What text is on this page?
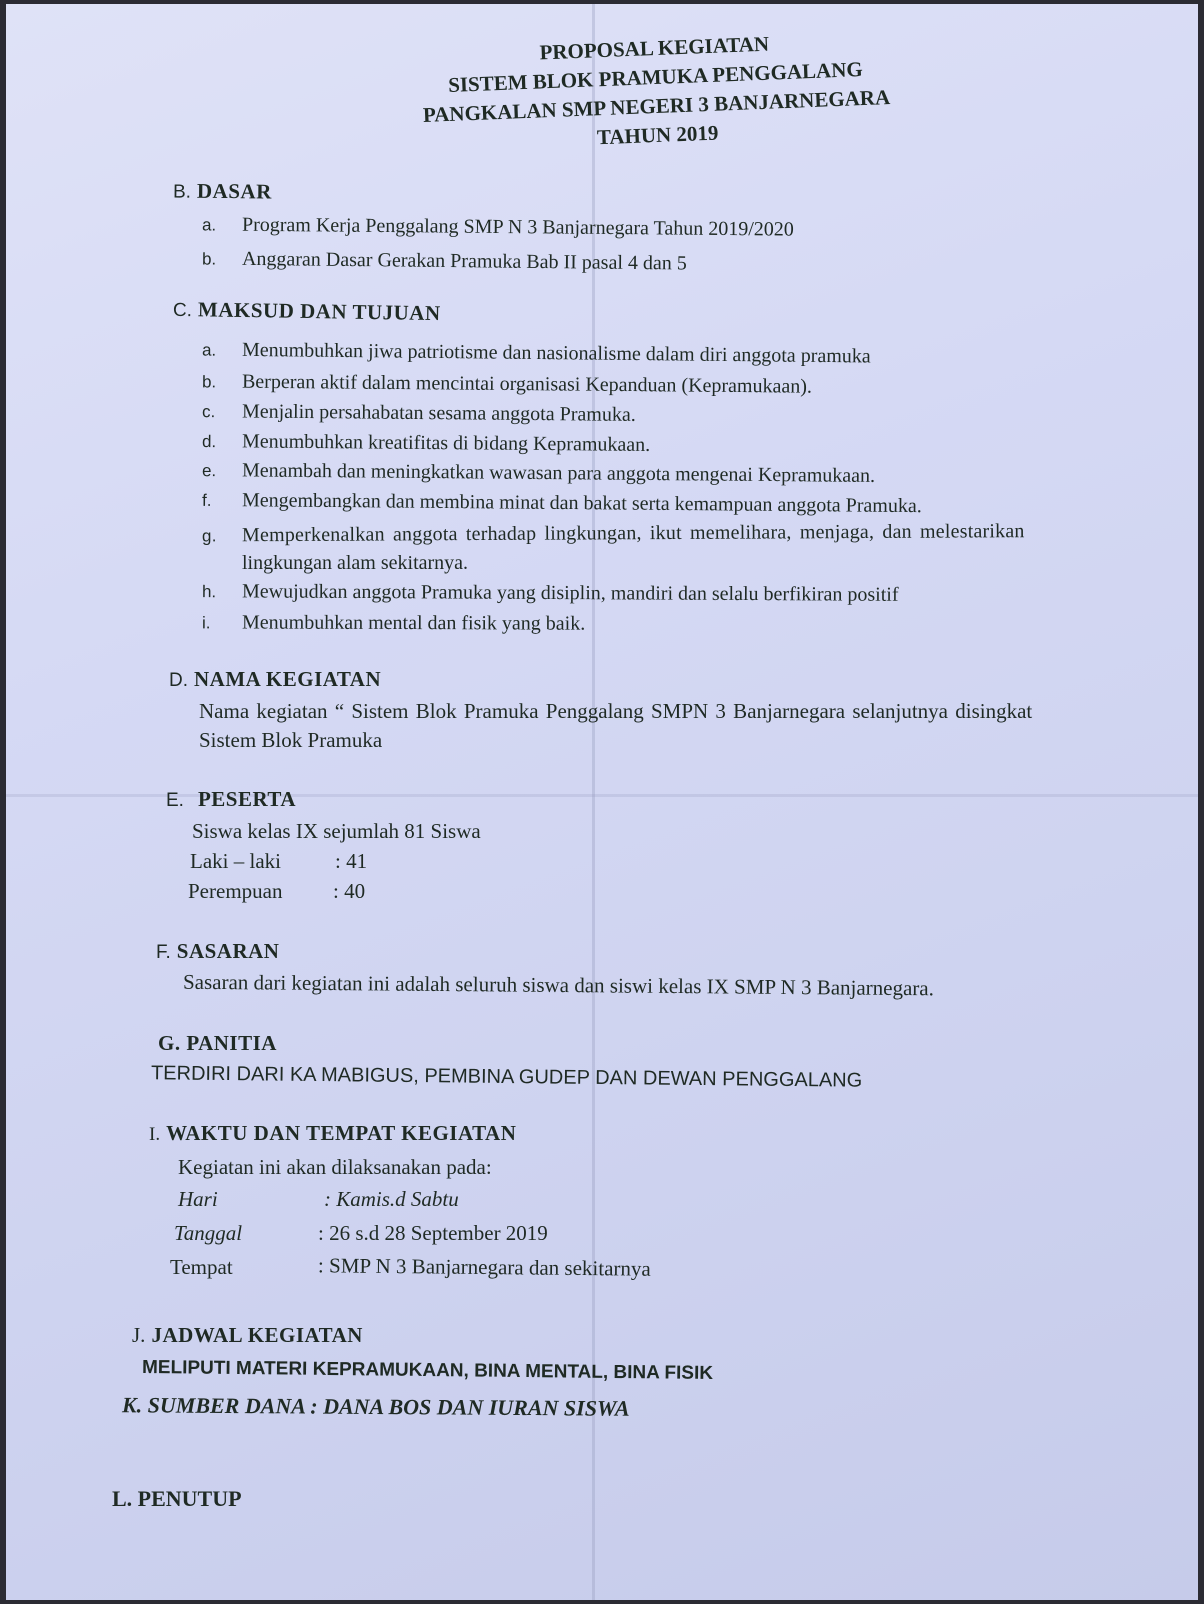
PROPOSAL KEGIATAN
SISTEM BLOK PRAMUKA PENGGALANG
PANGKALAN SMP NEGERI 3 BANJARNEGARA
TAHUN 2019
B. DASAR
a. Program Kerja Penggalang SMP N 3 Banjarnegara Tahun 2019/2020
b. Anggaran Dasar Gerakan Pramuka Bab II pasal 4 dan 5
C. MAKSUD DAN TUJUAN
a. Menumbuhkan jiwa patriotisme dan nasionalisme dalam diri anggota pramuka
b. Berperan aktif dalam mencintai organisasi Kepanduan (Kepramukaan).
c. Menjalin persahabatan sesama anggota Pramuka.
d. Menumbuhkan kreatifitas di bidang Kepramukaan.
e. Menambah dan meningkatkan wawasan para anggota mengenai Kepramukaan.
f. Mengembangkan dan membina minat dan bakat serta kemampuan anggota Pramuka.
g. Memperkenalkan anggota terhadap lingkungan, ikut memelihara, menjaga, dan melestarikan
lingkungan alam sekitarnya.
h. Mewujudkan anggota Pramuka yang disiplin, mandiri dan selalu berfikiran positif
i. Menumbuhkan mental dan fisik yang baik.
D. NAMA KEGIATAN
Nama kegiatan “ Sistem Blok Pramuka Penggalang SMPN 3 Banjarnegara selanjutnya disingkat
Sistem Blok Pramuka
E. PESERTA
Siswa kelas IX sejumlah 81 Siswa
Laki – laki	: 41
Perempuan : 40
F. SASARAN
Sasaran dari kegiatan ini adalah seluruh siswa dan siswi kelas IX SMP N 3 Banjarnegara.
G. PANITIA
TERDIRI DARI KA MABIGUS, PEMBINA GUDEP DAN DEWAN PENGGALANG
I. WAKTU DAN TEMPAT KEGIATAN
Kegiatan ini akan dilaksanakan pada:
Hari	: Kamis.d Sabtu
Tanggal	: 26 s.d 28 September 2019
Tempat	: SMP N 3 Banjarnegara dan sekitarnya
J. JADWAL KEGIATAN
MELIPUTI MATERI KEPRAMUKAAN, BINA MENTAL, BINA FISIK
K. SUMBER DANA : DANA BOS DAN IURAN SISWA
L. PENUTUP
